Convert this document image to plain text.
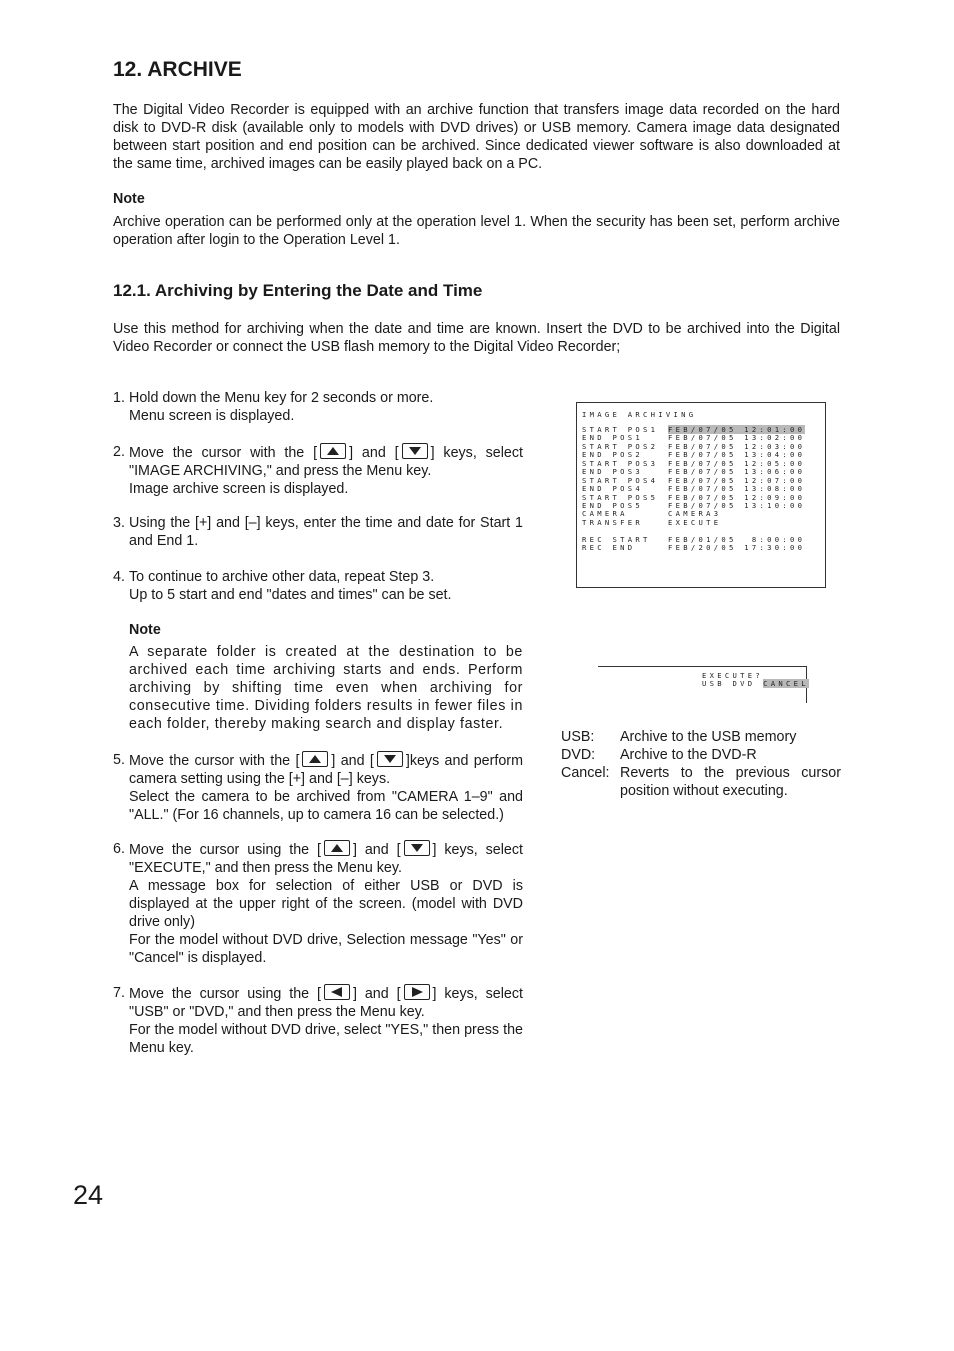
12. ARCHIVE
The Digital Video Recorder is equipped with an archive function that transfers image data recorded on the hard disk to DVD-R disk (available only to models with DVD drives) or USB memory. Camera image data designated between start position and end position can be archived. Since dedicated viewer software is also downloaded at the same time, archived images can be easily played back on a PC.
Note
Archive operation can be performed only at the operation level 1. When the security has been set, perform archive operation after login to the Operation Level 1.
12.1. Archiving by Entering the Date and Time
Use this method for archiving when the date and time are known. Insert the DVD to be archived into the Digital Video Recorder or connect the USB flash memory to the Digital Video Recorder;
1. Hold down the Menu key for 2 seconds or more.
Menu screen is displayed.
2. Move the cursor with the [ ] and [ ] keys, select "IMAGE ARCHIVING," and press the Menu key.
Image archive screen is displayed.
3. Using the [+] and [–] keys, enter the time and date for Start 1 and End 1.
4. To continue to archive other data, repeat Step 3.
Up to 5 start and end "dates and times" can be set.
Note
A separate folder is created at the destination to be archived each time archiving starts and ends. Perform archiving by shifting time even when archiving for consecutive time. Dividing folders results in fewer files in each folder, thereby making search and display faster.
5. Move the cursor with the [ ] and [ ]keys and perform camera setting using the [+] and [–] keys.
Select the camera to be archived from "CAMERA 1–9" and "ALL." (For 16 channels, up to camera 16 can be selected.)
6. Move the cursor using the [ ] and [ ] keys, select "EXECUTE," and then press the Menu key.
A message box for selection of either USB or DVD is displayed at the upper right of the screen. (model with DVD drive only)
For the model without DVD drive, Selection message "Yes" or "Cancel" is displayed.
7. Move the cursor using the [ ] and [ ] keys, select "USB" or "DVD," and then press the Menu key.
For the model without DVD drive, select "YES," then press the Menu key.
IMAGE ARCHIVING
START POS1 FEB/07/05 12:01:00
END POS1	FEB/07/05 13:02:00
START POS2 FEB/07/05 12:03:00
END POS2	FEB/07/05 13:04:00
START POS3 FEB/07/05 12:05:00
END POS3	FEB/07/05 13:06:00
START POS4 FEB/07/05 12:07:00
END POS4	FEB/07/05 13:08:00
START POS5 FEB/07/05 12:09:00
END POS5	FEB/07/05 13:10:00
CAMERA	CAMERA3
TRANSFER	EXECUTE
REC START FEB/01/05  8:00:00
REC END	FEB/20/05 17:30:00
EXECUTE?
USB DVD CANCEL
USB: Archive to the USB memory
DVD: Archive to the DVD-R
Cancel: Reverts to the previous cursor position without executing.
24
